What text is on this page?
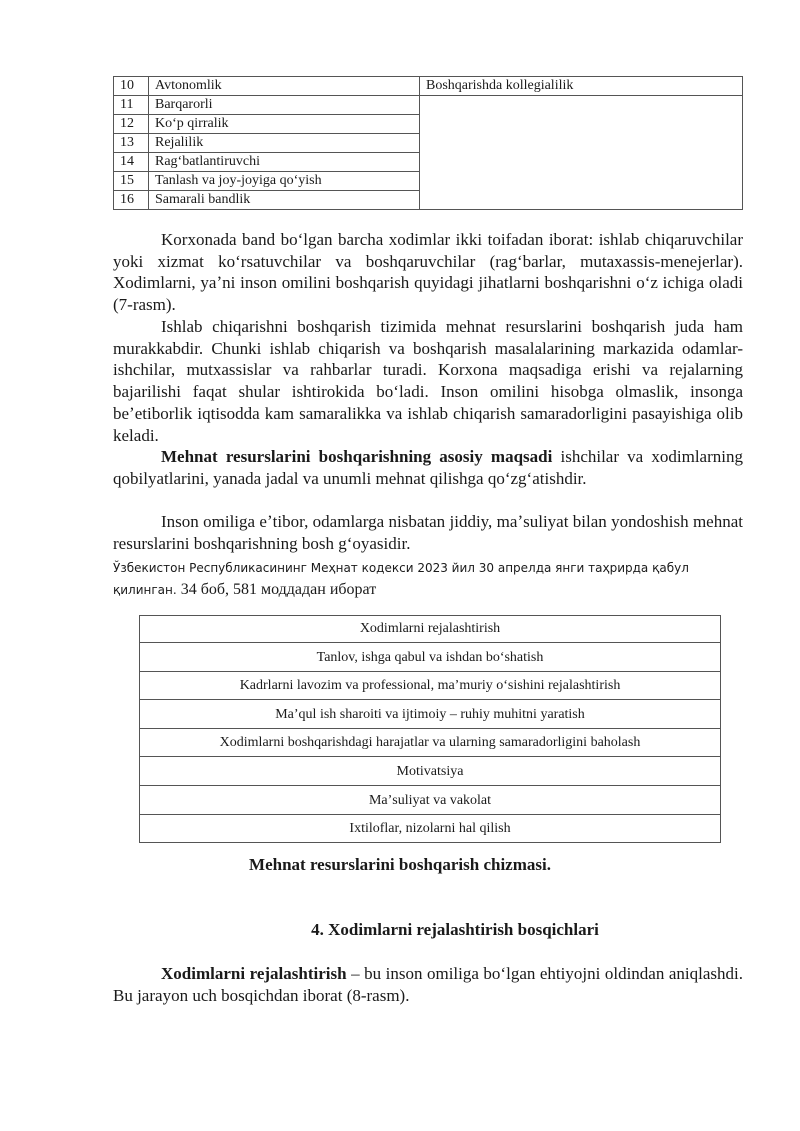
10	Avtonomlik	Boshqarishda kollegialilik
11	Barqarorli	
12	Koʻp qirralik	
13	Rejalilik	
14	Ragʻbatlantiruvchi	
15	Tanlash va joy-joyiga qoʻyish	
16	Samarali bandlik	
Korxonada band boʻlgan barcha xodimlar ikki toifadan iborat: ishlab chiqaruvchilar yoki xizmat koʻrsatuvchilar va boshqaruvchilar (ragʻbarlar, mutaxassis-menejerlar). Xodimlarni, yaʼni inson omilini boshqarish quyidagi jihatlarni boshqarishni oʻz ichiga oladi (7-rasm).
Ishlab chiqarishni boshqarish tizimida mehnat resurslarini boshqarish juda ham murakkabdir. Chunki ishlab chiqarish va boshqarish masalalarining markazida odamlar-ishchilar, mutxassislar va rahbarlar turadi. Korxona maqsadiga erishi va rejalarning bajarilishi faqat shular ishtirokida boʻladi. Inson omilini hisobga olmaslik, insonga beʼetiborlik iqtisodda kam samaralikka va ishlab chiqarish samaradorligini pasayishiga olib keladi.
Mehnat resurslarini boshqarishning asosiy maqsadi ishchilar va xodimlarning qobilyatlarini, yanada jadal va unumli mehnat qilishga qoʻzgʻatishdir.
Inson omiliga eʼtibor, odamlarga nisbatan jiddiy, maʼsuliyat bilan yondoshish mehnat resurslarini boshqarishning bosh gʻoyasidir.
Ўзбекистон Республикасининг Меҳнат кодекси 2023 йил 30 апрелда янги таҳрирда қабул қилинган. 34 боб, 581 моддадан иборат
Xodimlarni rejalashtirish
Tanlov, ishga qabul va ishdan boʻshatish
Kadrlarni lavozim va professional, maʼmuriy oʻsishini rejalashtirish
Maʼqul ish sharoiti va ijtimoiy – ruhiy muhitni yaratish
Xodimlarni boshqarishdagi harajatlar va ularning samaradorligini baholash
Motivatsiya
Maʼsuliyat va vakolat
Ixtiloflar, nizolarni hal qilish
Mehnat resurslarini boshqarish chizmasi.
4. Xodimlarni rejalashtirish bosqichlari
Xodimlarni rejalashtirish – bu inson omiliga boʻlgan ehtiyojni oldindan aniqlashdi. Bu jarayon uch bosqichdan iborat (8-rasm).
